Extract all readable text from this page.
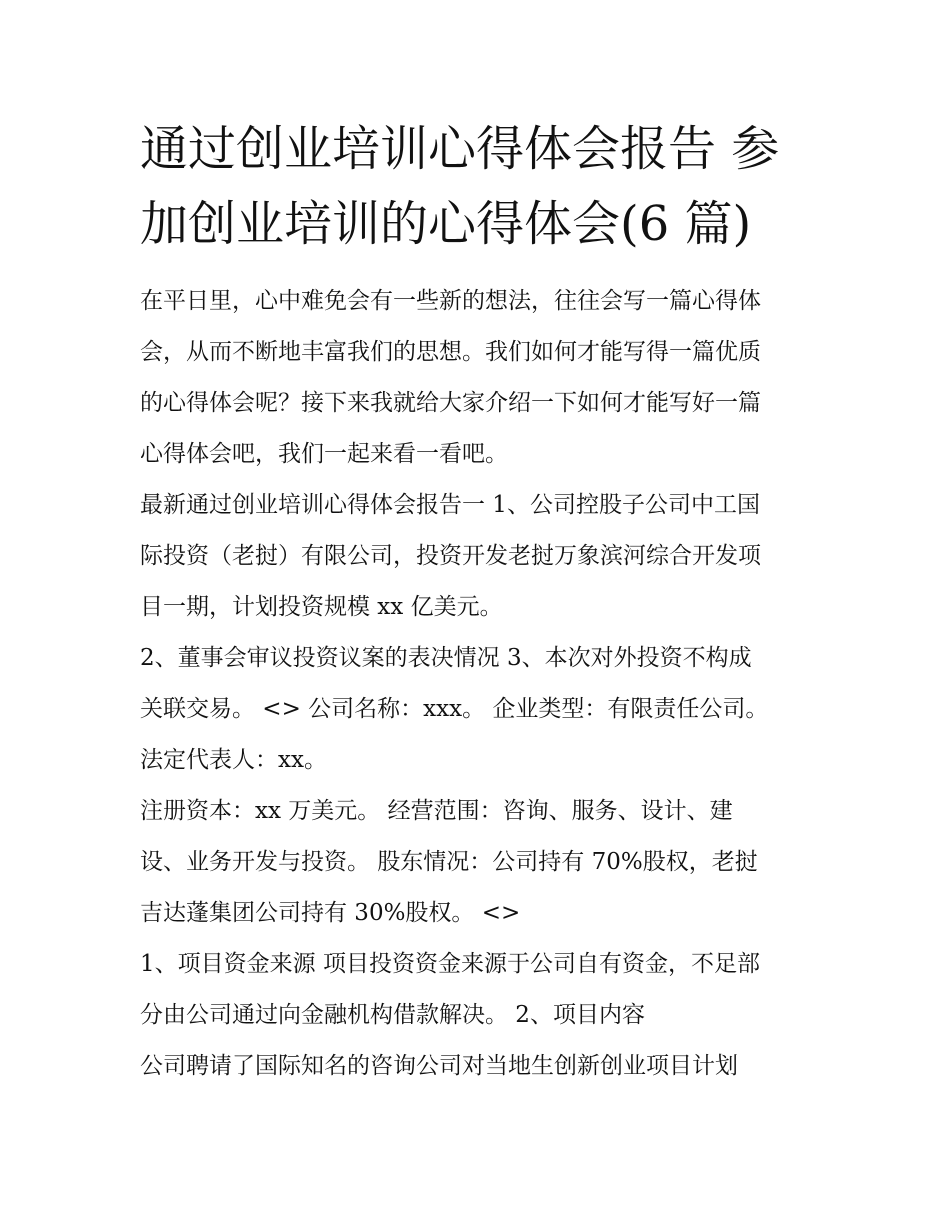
通过创业培训心得体会报告 参
加创业培训的心得体会(6 篇)
在平日里，心中难免会有一些新的想法，往往会写一篇心得体
会，从而不断地丰富我们的思想。我们如何才能写得一篇优质
的心得体会呢？接下来我就给大家介绍一下如何才能写好一篇
心得体会吧，我们一起来看一看吧。
最新通过创业培训心得体会报告一 1、公司控股子公司中工国
际投资（老挝）有限公司，投资开发老挝万象滨河综合开发项
目一期，计划投资规模 xx 亿美元。
2、董事会审议投资议案的表决情况 3、本次对外投资不构成
关联交易。 <> 公司名称：xxx。 企业类型：有限责任公司。
法定代表人：xx。
注册资本：xx 万美元。 经营范围：咨询、服务、设计、建
设、业务开发与投资。 股东情况：公司持有 70%股权，老挝
吉达蓬集团公司持有 30%股权。 <>
1、项目资金来源 项目投资资金来源于公司自有资金，不足部
分由公司通过向金融机构借款解决。 2、项目内容
公司聘请了国际知名的咨询公司对当地生创新创业项目计划
